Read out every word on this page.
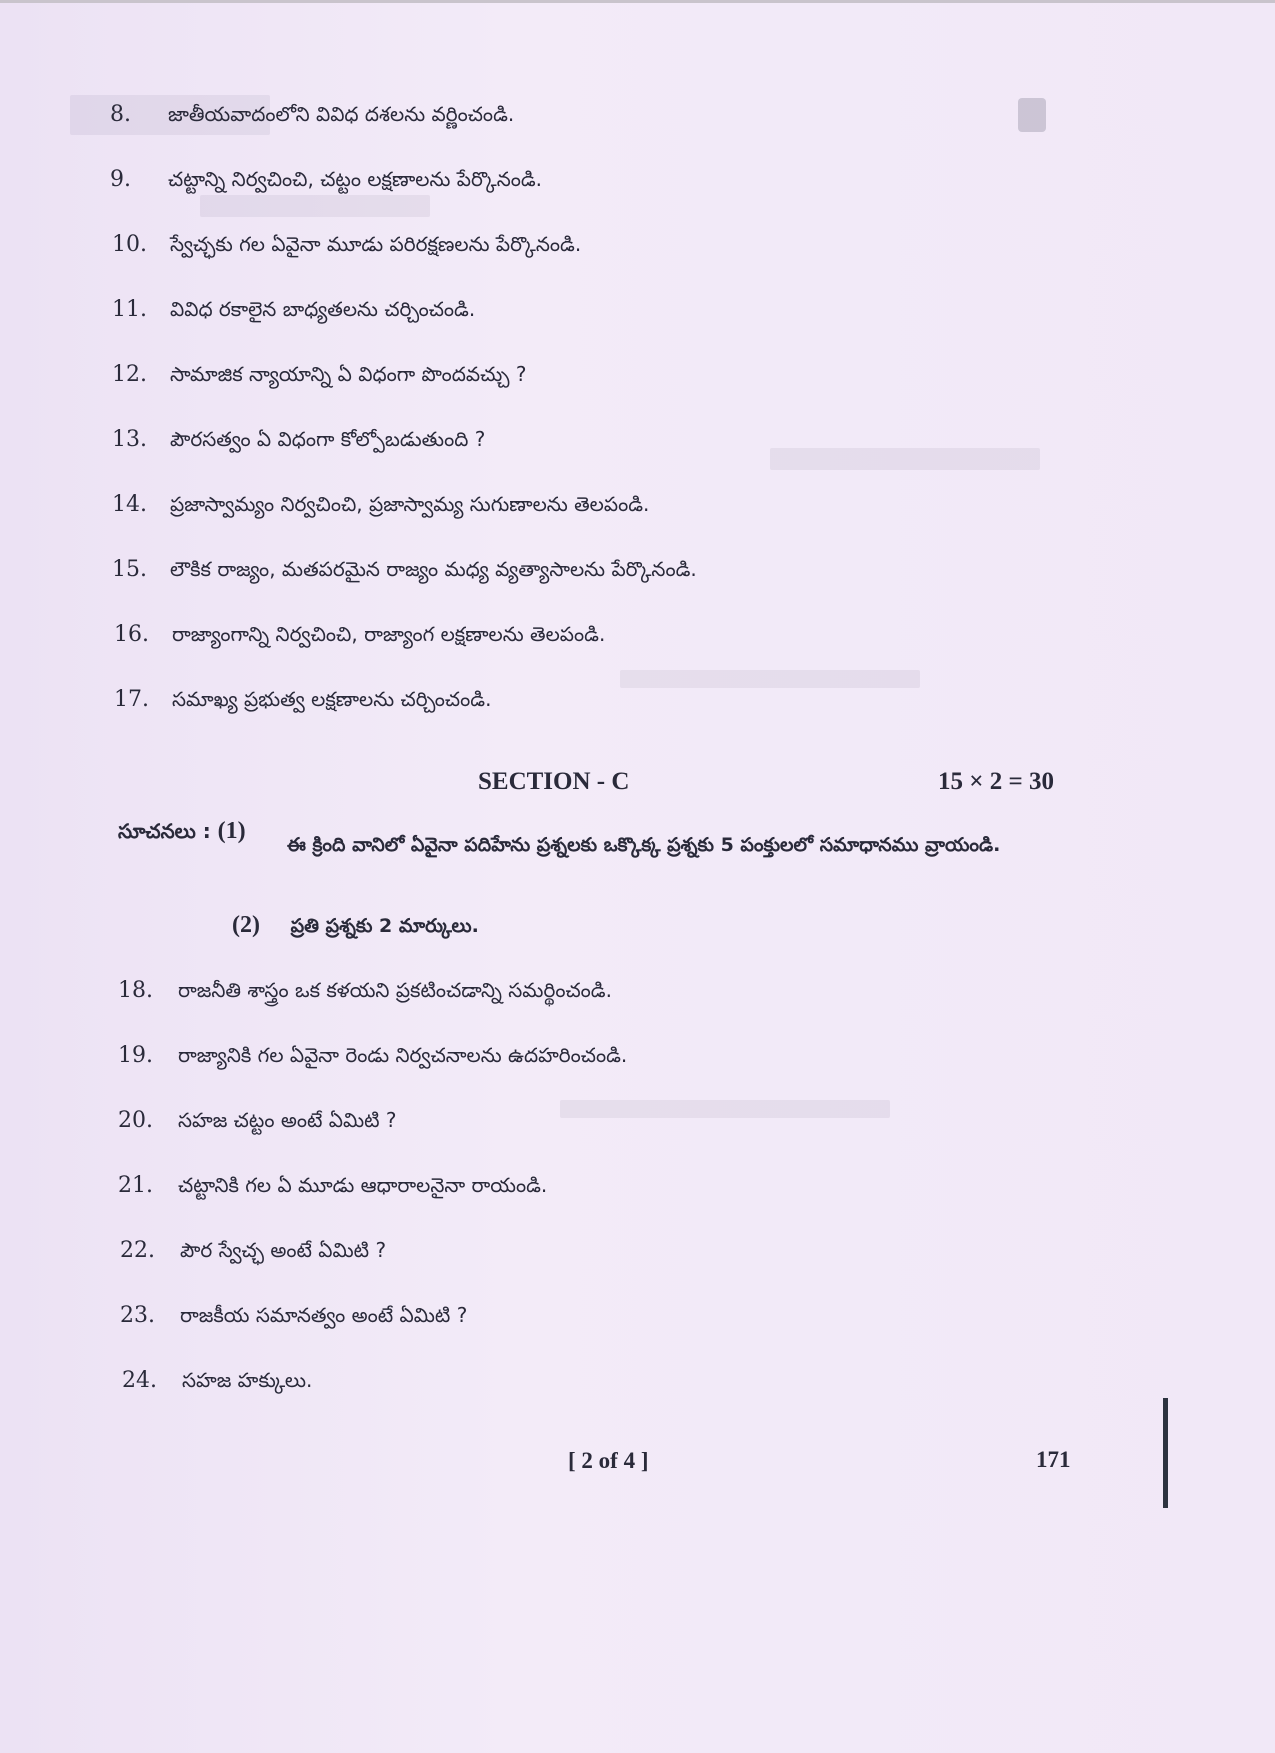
8.	జాతీయవాదంలోని వివిధ దశలను వర్ణించండి.
9.	చట్టాన్ని నిర్వచించి, చట్టం లక్షణాలను పేర్కొనండి.
10.	స్వేచ్ఛకు గల ఏవైనా మూడు పరిరక్షణలను పేర్కొనండి.
11.	వివిధ రకాలైన బాధ్యతలను చర్చించండి.
12.	సామాజిక న్యాయాన్ని ఏ విధంగా పొందవచ్చు ?
13.	పౌరసత్వం ఏ విధంగా కోల్పోబడుతుంది ?
14.	ప్రజాస్వామ్యం నిర్వచించి, ప్రజాస్వామ్య సుగుణాలను తెలపండి.
15.	లౌకిక రాజ్యం, మతపరమైన రాజ్యం మధ్య వ్యత్యాసాలను పేర్కొనండి.
16.	రాజ్యాంగాన్ని నిర్వచించి, రాజ్యాంగ లక్షణాలను తెలపండి.
17.	సమాఖ్య ప్రభుత్వ లక్షణాలను చర్చించండి.
SECTION - C	15 × 2 = 30
సూచనలు : (1)
ఈ క్రింది వానిలో ఏవైనా పదిహేను ప్రశ్నలకు ఒక్కొక్క ప్రశ్నకు 5 పంక్తులలో సమాధానము వ్రాయండి.
(2) ప్రతి ప్రశ్నకు 2 మార్కులు.
18.	రాజనీతి శాస్త్రం ఒక కళయని ప్రకటించడాన్ని సమర్థించండి.
19.	రాజ్యానికి గల ఏవైనా రెండు నిర్వచనాలను ఉదహరించండి.
20.	సహజ చట్టం అంటే ఏమిటి ?
21.	చట్టానికి గల ఏ మూడు ఆధారాలనైనా రాయండి.
22.	పౌర స్వేచ్ఛ అంటే ఏమిటి ?
23.	రాజకీయ సమానత్వం అంటే ఏమిటి ?
24.	సహజ హక్కులు.
[ 2 of 4 ]	171
